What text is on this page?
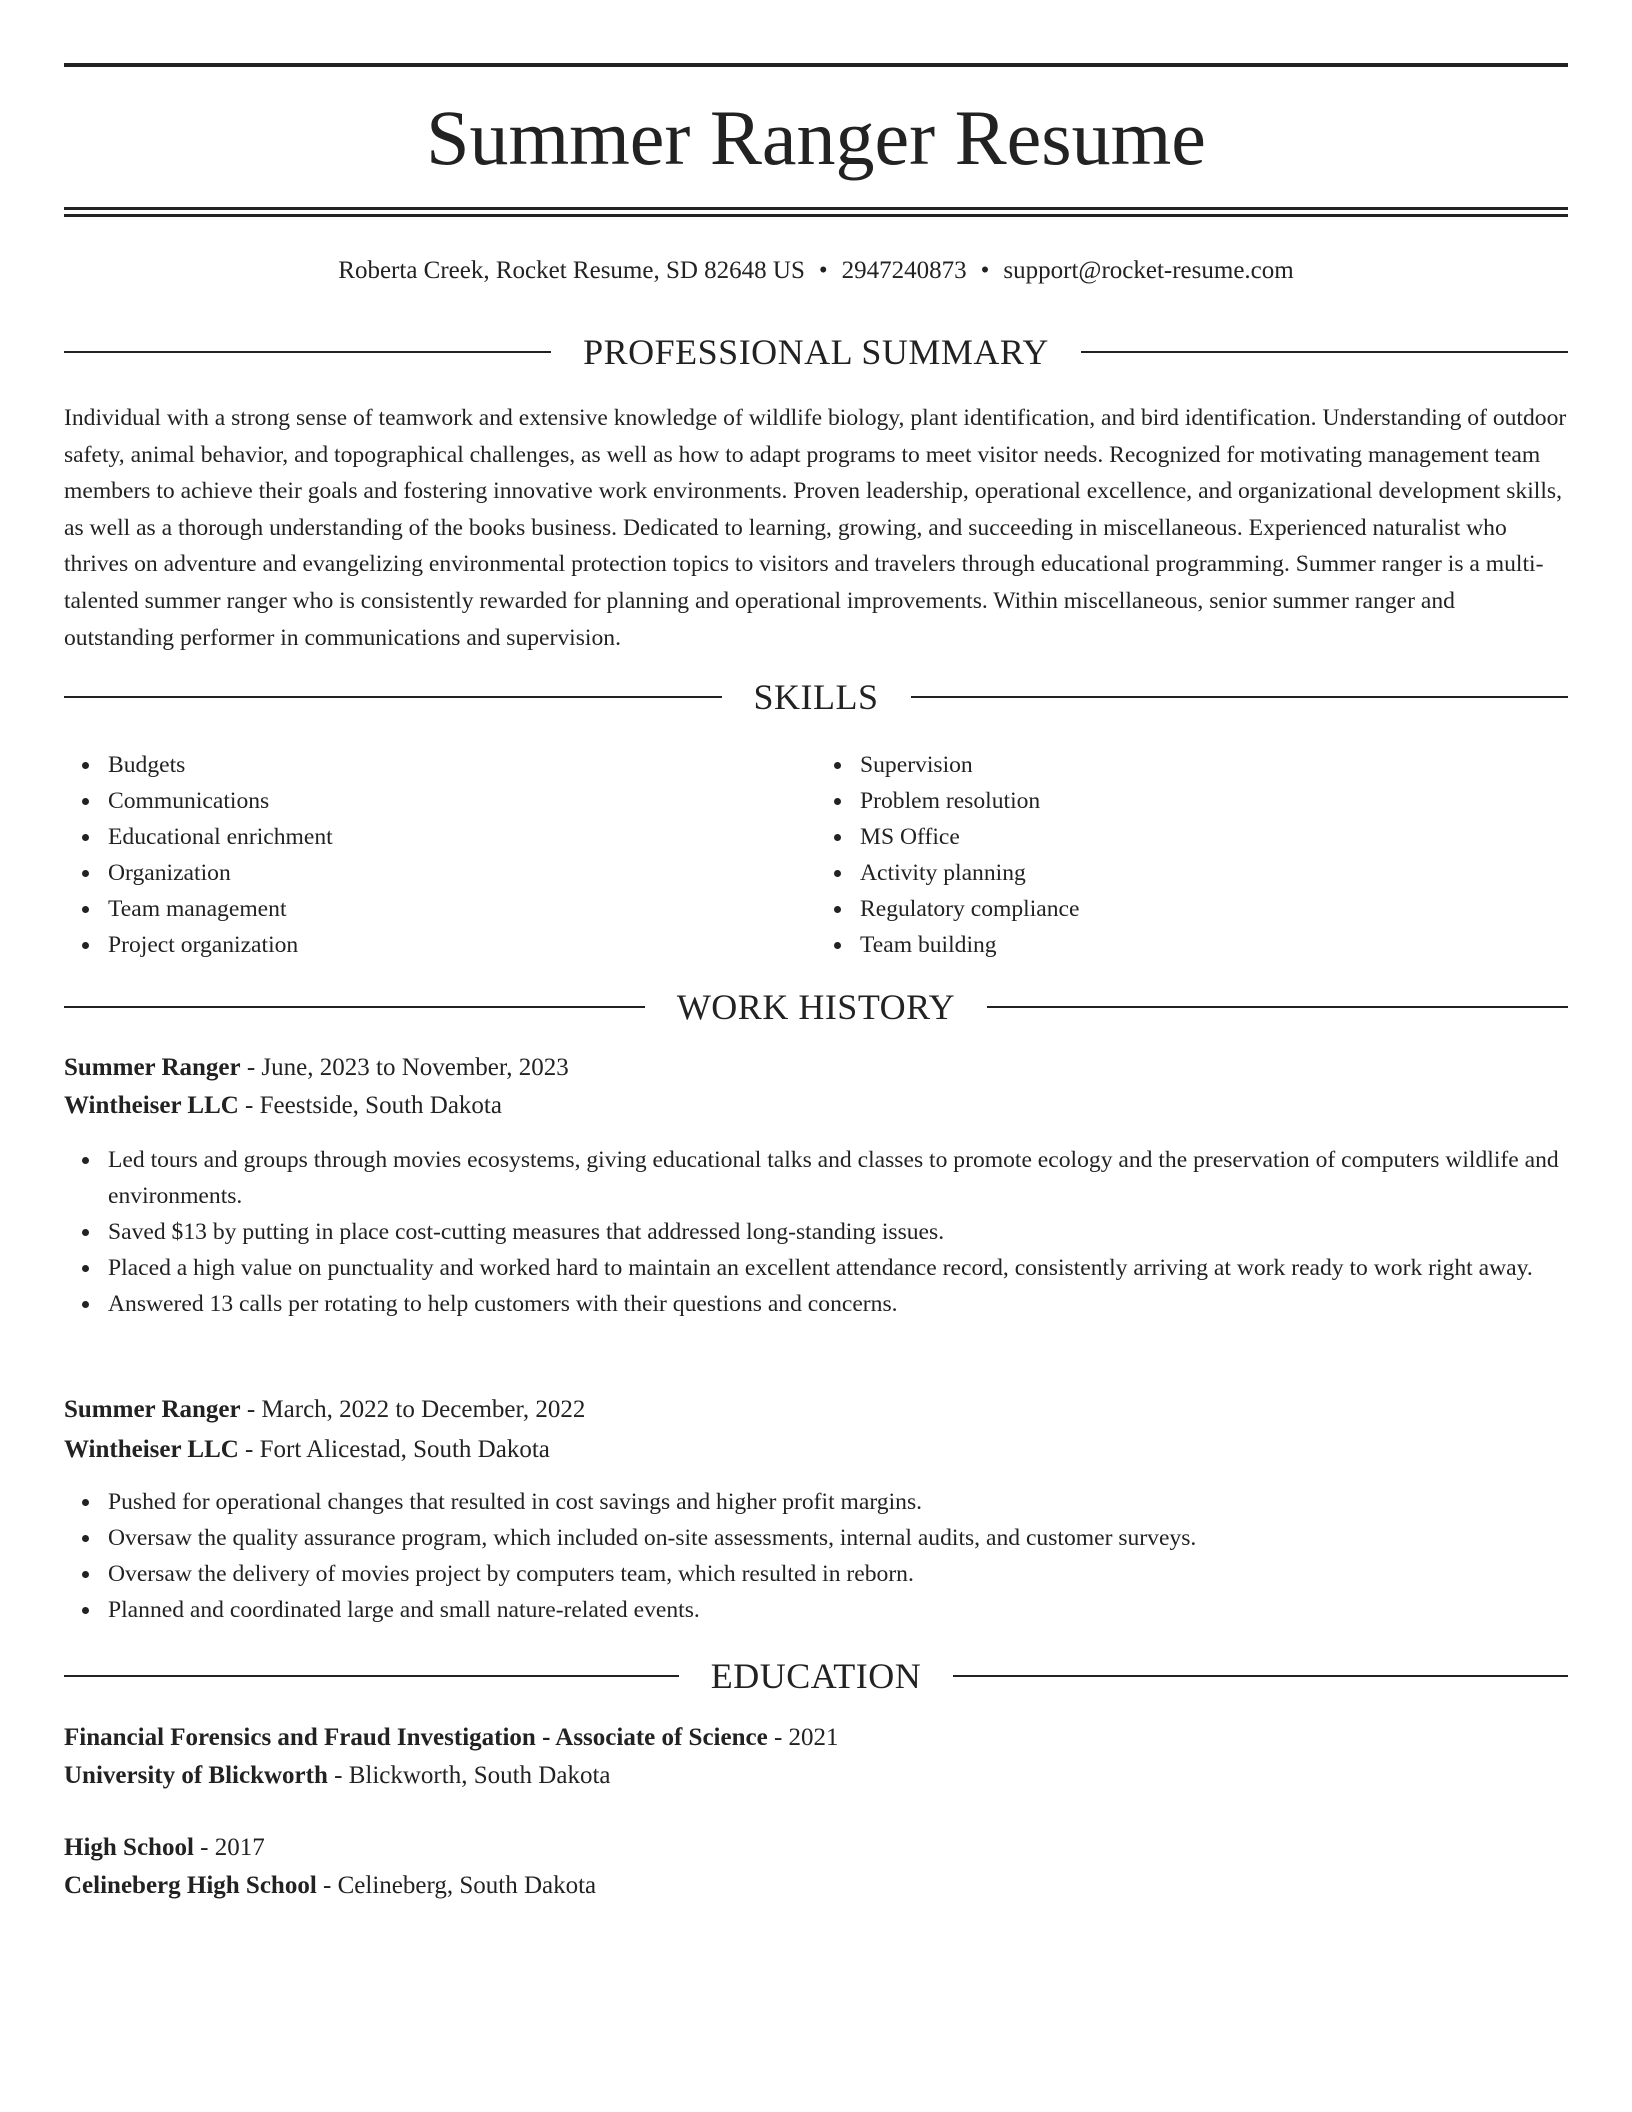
Summer Ranger Resume
Roberta Creek, Rocket Resume, SD 82648 US • 2947240873 • support@rocket-resume.com
PROFESSIONAL SUMMARY

Individual with a strong sense of teamwork and extensive knowledge of wildlife biology, plant identification, and bird identification. Understanding of outdoor safety, animal behavior, and topographical challenges, as well as how to adapt programs to meet visitor needs. Recognized for motivating management team members to achieve their goals and fostering innovative work environments. Proven leadership, operational excellence, and organizational development skills, as well as a thorough understanding of the books business. Dedicated to learning, growing, and succeeding in miscellaneous. Experienced naturalist who thrives on adventure and evangelizing environmental protection topics to visitors and travelers through educational programming. Summer ranger is a multi-talented summer ranger who is consistently rewarded for planning and operational improvements. Within miscellaneous, senior summer ranger and outstanding performer in communications and supervision.

SKILLS
Budgets
Communications
Educational enrichment
Organization
Team management
Project organization
Supervision
Problem resolution
MS Office
Activity planning
Regulatory compliance
Team building
WORK HISTORY
Summer Ranger - June, 2023 to November, 2023
Wintheiser LLC - Feestside, South Dakota
Led tours and groups through movies ecosystems, giving educational talks and classes to promote ecology and the preservation of computers wildlife and environments.
Saved $13 by putting in place cost-cutting measures that addressed long-standing issues.
Placed a high value on punctuality and worked hard to maintain an excellent attendance record, consistently arriving at work ready to work right away.
Answered 13 calls per rotating to help customers with their questions and concerns.
Summer Ranger - March, 2022 to December, 2022
Wintheiser LLC - Fort Alicestad, South Dakota
Pushed for operational changes that resulted in cost savings and higher profit margins.
Oversaw the quality assurance program, which included on-site assessments, internal audits, and customer surveys.
Oversaw the delivery of movies project by computers team, which resulted in reborn.
Planned and coordinated large and small nature-related events.
EDUCATION
Financial Forensics and Fraud Investigation - Associate of Science - 2021
University of Blickworth - Blickworth, South Dakota
High School - 2017
Celineberg High School - Celineberg, South Dakota
